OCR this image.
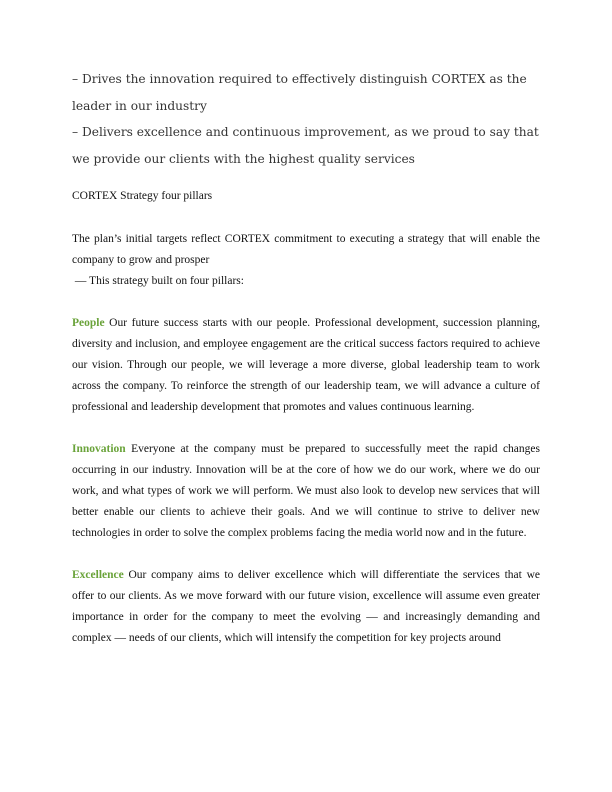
– Drives the innovation required to effectively distinguish CORTEX as the leader in our industry
– Delivers excellence and continuous improvement, as we proud to say that we provide our clients with the highest quality services

CORTEX Strategy four pillars

The plan’s initial targets reflect CORTEX commitment to executing a strategy that will enable the company to grow and prosper
— This strategy built on four pillars:

People Our future success starts with our people. Professional development, succession planning, diversity and inclusion, and employee engagement are the critical success factors required to achieve our vision. Through our people, we will leverage a more diverse, global leadership team to work across the company. To reinforce the strength of our leadership team, we will advance a culture of professional and leadership development that promotes and values continuous learning.

Innovation Everyone at the company must be prepared to successfully meet the rapid changes occurring in our industry. Innovation will be at the core of how we do our work, where we do our work, and what types of work we will perform. We must also look to develop new services that will better enable our clients to achieve their goals. And we will continue to strive to deliver new technologies in order to solve the complex problems facing the media world now and in the future.

Excellence Our company aims to deliver excellence which will differentiate the services that we offer to our clients. As we move forward with our future vision, excellence will assume even greater importance in order for the company to meet the evolving — and increasingly demanding and complex — needs of our clients, which will intensify the competition for key projects around
